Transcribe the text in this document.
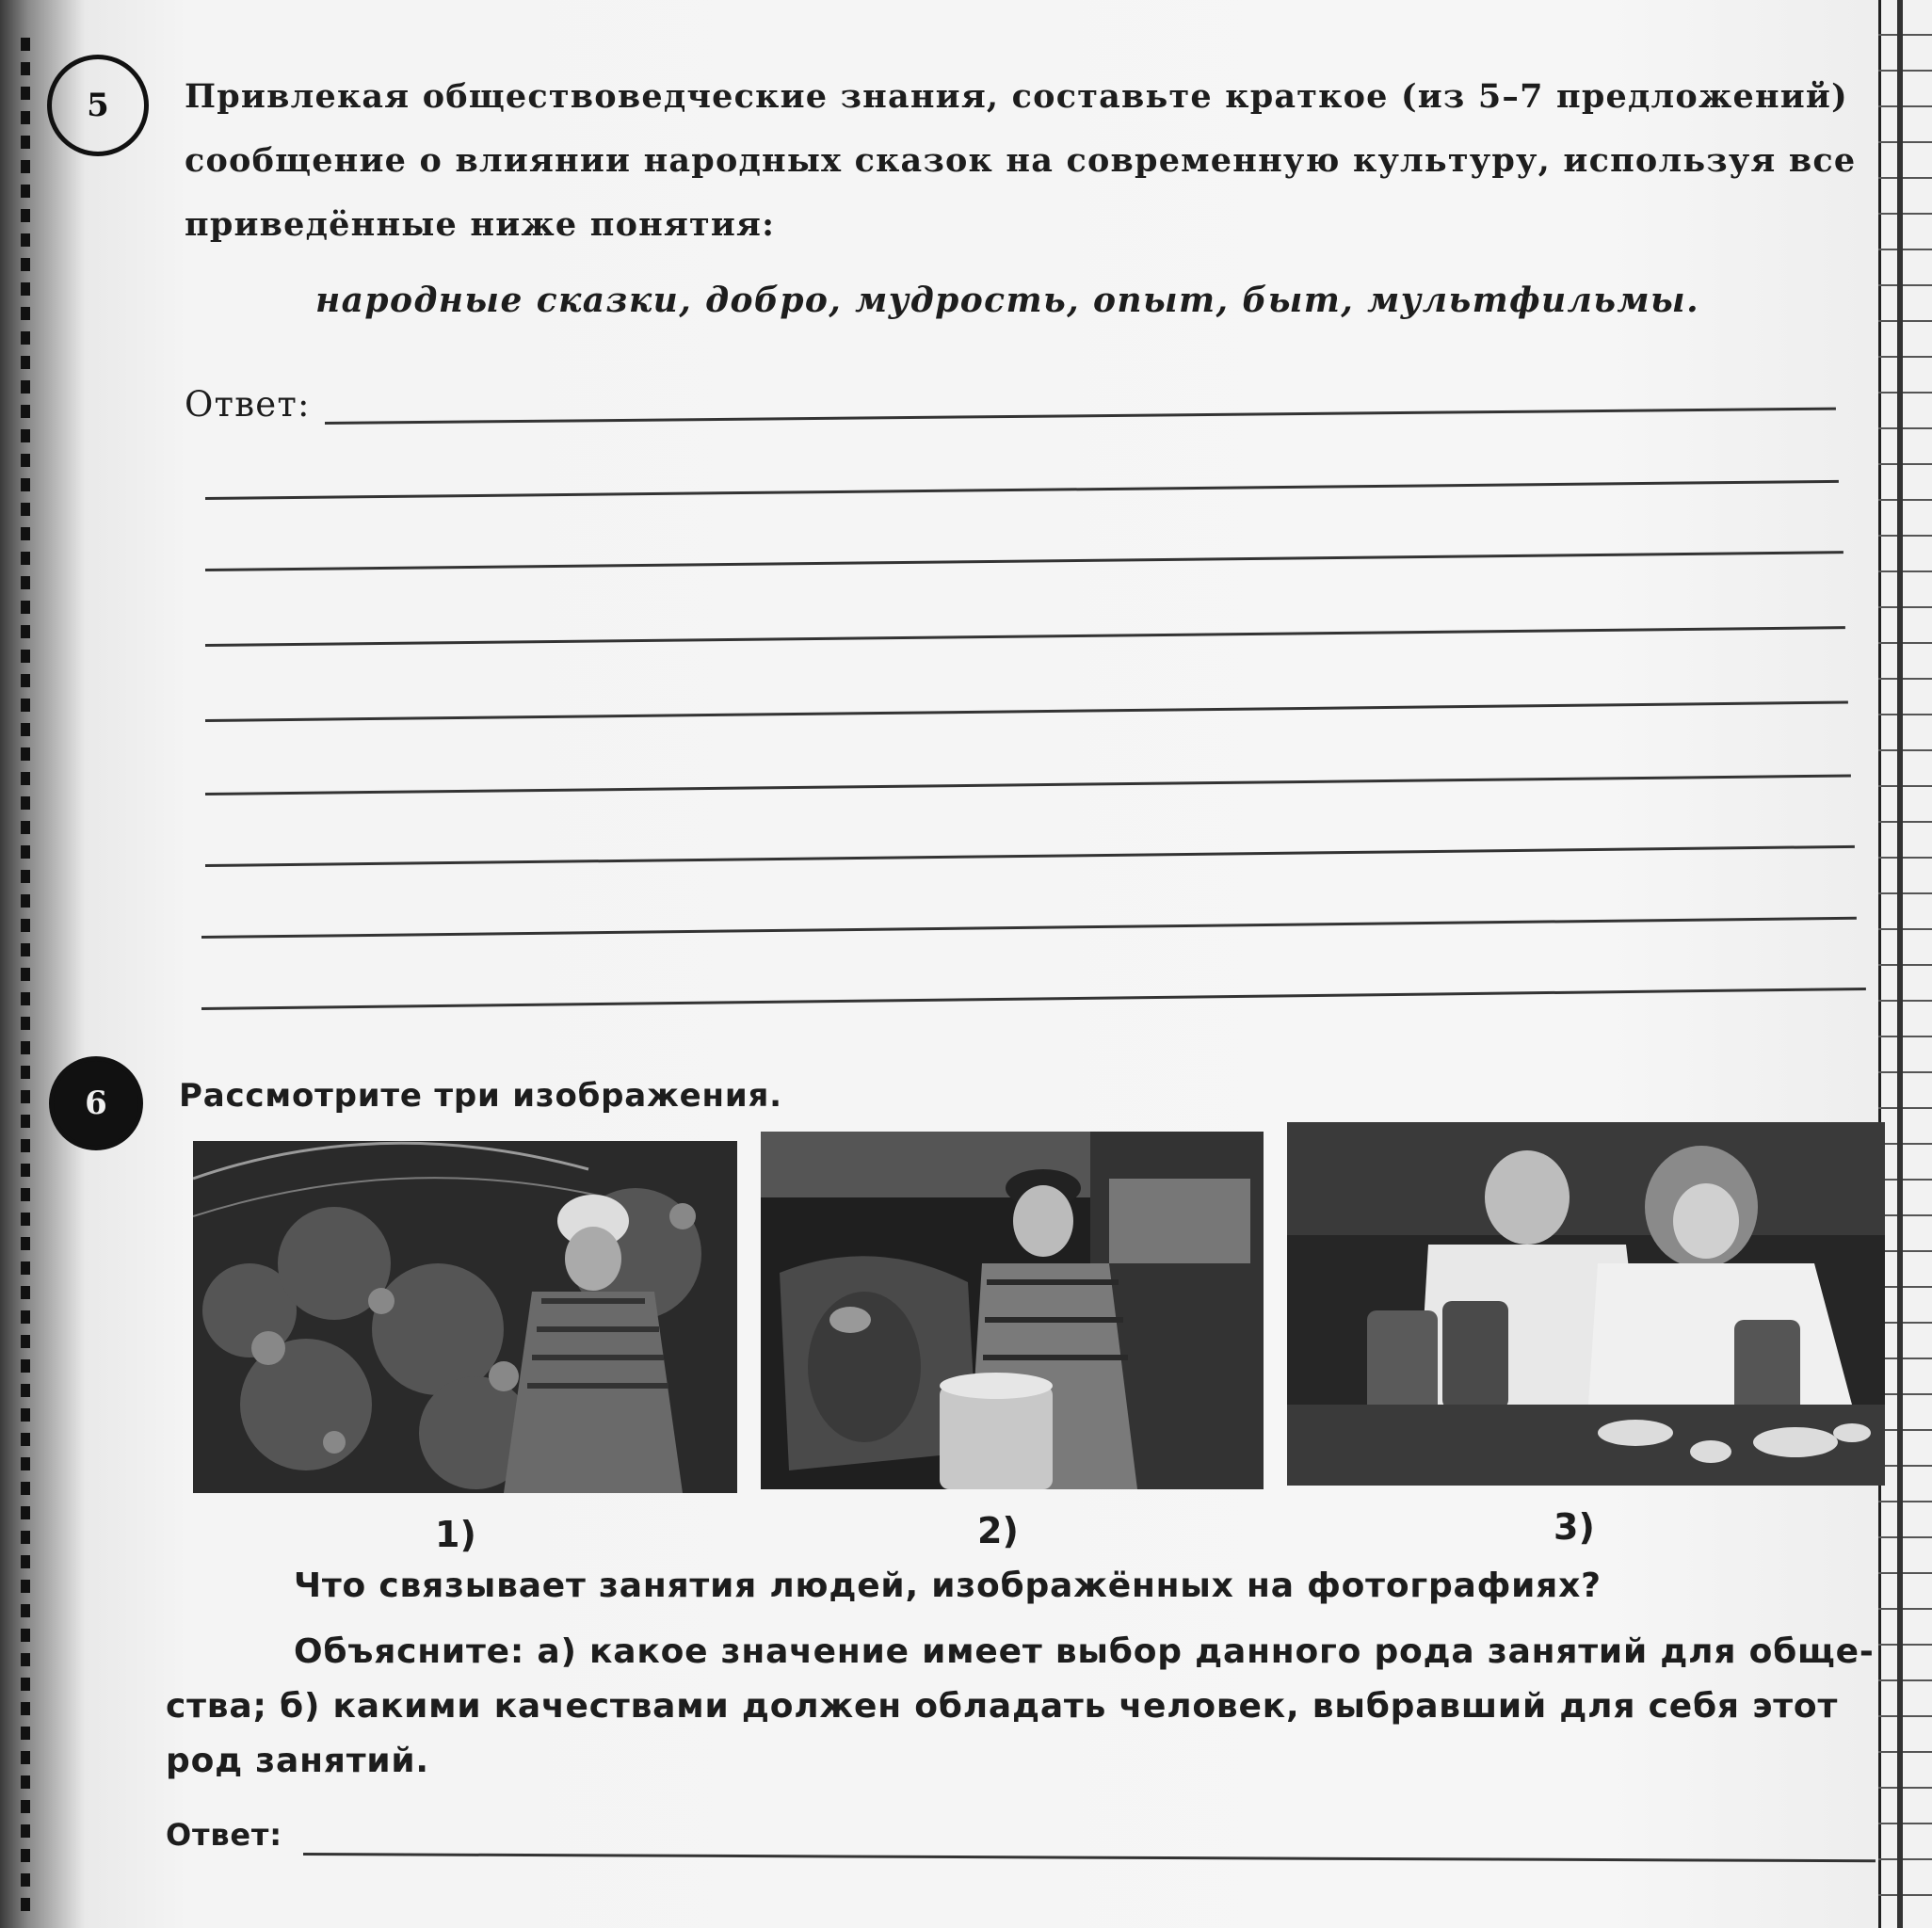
5	Привлекая обществоведческие знания, составьте краткое (из 5–7 предложений)
сообщение о влиянии народных сказок на современную культуру, используя все
приведённые ниже понятия:
народные сказки, добро, мудрость, опыт, быт, мультфильмы.
Ответ:
6	Рассмотрите три изображения.
1)	2)	3)
Что связывает занятия людей, изображённых на фотографиях?
Объясните: а) какое значение имеет выбор данного рода занятий для обще-
ства; б) какими качествами должен обладать человек, выбравший для себя этот
род занятий.
Ответ:
